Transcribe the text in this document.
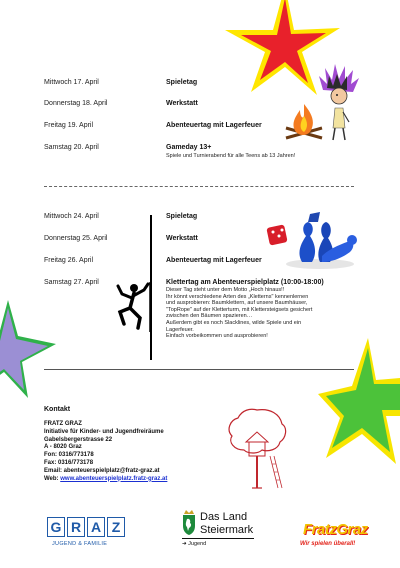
Mittwoch 17. April	Spieletag
Donnerstag 18. April	Werkstatt
Freitag 19. April	Abenteuertag mit Lagerfeuer
Samstag 20. April	Gameday 13+
Spiele und Turnierabend für alle Teens ab 13 Jahren!
Mittwoch 24. April	Spieletag
Donnerstag 25. April	Werkstatt
Freitag 26. April	Abenteuertag mit Lagerfeuer
Samstag 27. April	Klettertag am Abenteuerspielplatz (10:00-18:00)
Dieser Tag steht unter dem Motto „Hoch hinaus!!
Ihr könnt verschiedene Arten des „Kletterns" kennenlernen
und ausprobieren: Baumklettern, auf unsere Baumhäuser,
"TopRope" auf der Kletterturm, mit Klettersteigsets gesichert
zwischen den Bäumen spazieren…
Außerdem gibt es noch Slacklines, wilde Spiele und ein
Lagerfeuer.
Einfach vorbeikommen und ausprobieren!
Kontakt
FRATZ GRAZ
Initiative für Kinder- und Jugendfreiräume
Gabelsbergerstrasse 22
A - 8020 Graz
Fon: 0316/773178
Fax: 0316/773178
Email: abenteuerspielplatz@fratz-graz.at
Web: www.abenteuerspielplatz.fratz-graz.at
G R A Z
JUGEND & FAMILIE
Das Land
Steiermark
➜ Jugend
FratzGraz
Wir spielen überall!
